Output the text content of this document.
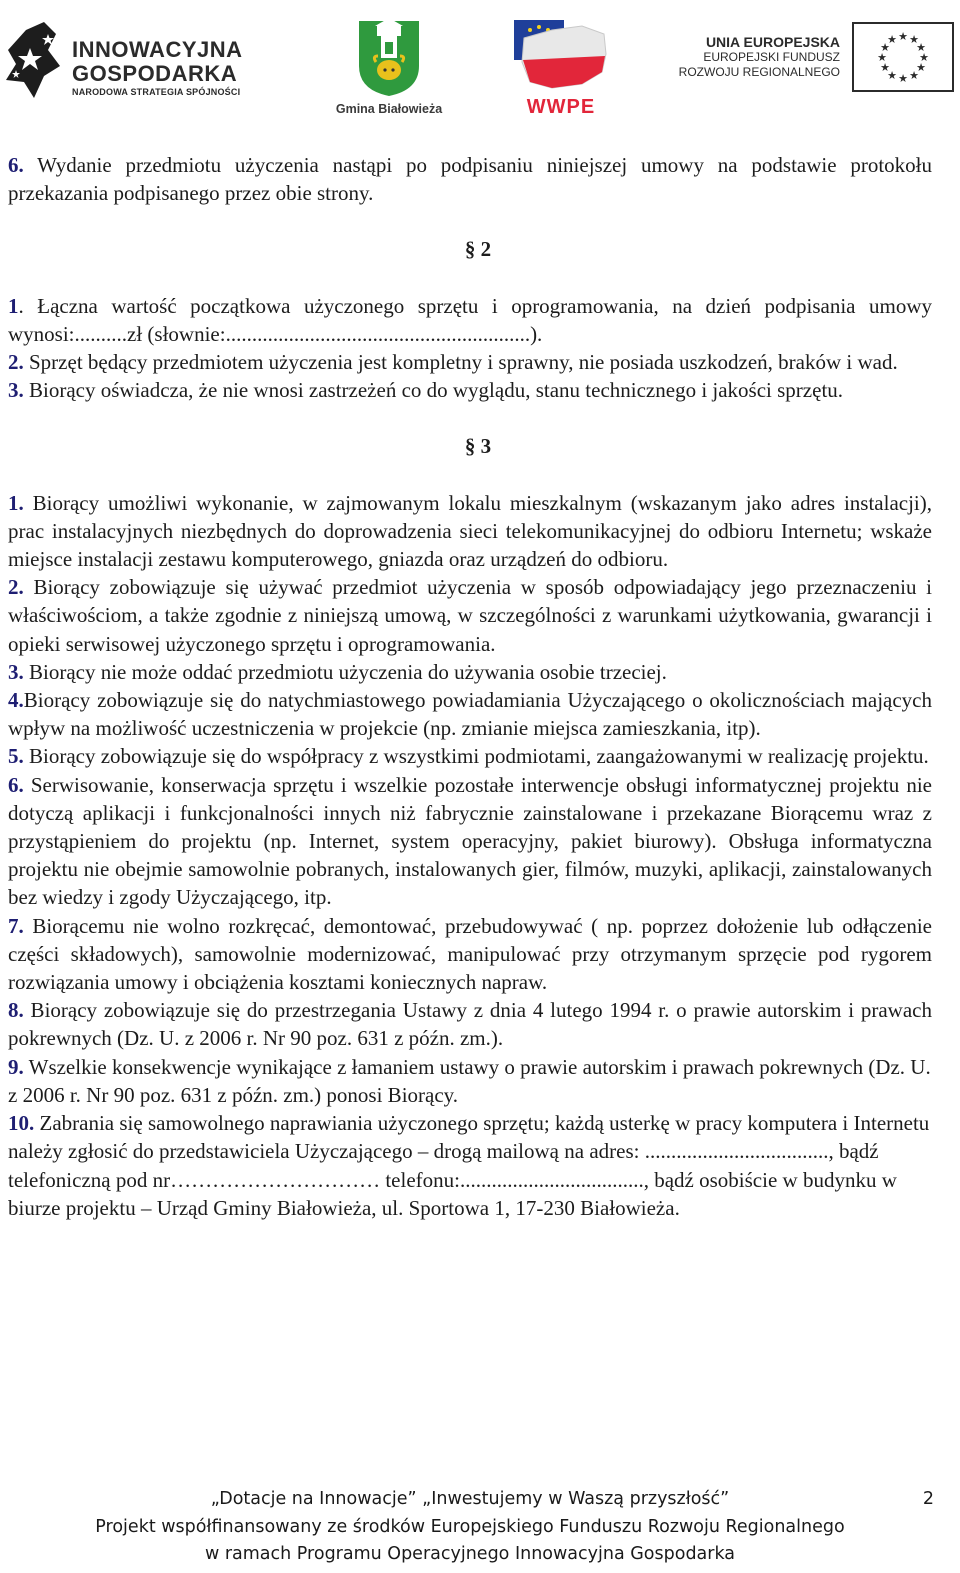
INNOWACYJNA
GOSPODARKA
NARODOWA STRATEGIA SPÓJNOŚCI
Gmina Białowieża	WWPE
UNIA EUROPEJSKA
EUROPEJSKI FUNDUSZ
ROZWOJU REGIONALNEGO
★ ★
★
★
★
★
★
★
★
★
★
★

6. Wydanie przedmiotu użyczenia nastąpi po podpisaniu niniejszej umowy na podstawie protokołu przekazania podpisanego przez obie strony.

§ 2

1. Łączna wartość początkowa użyczonego sprzętu i oprogramowania, na dzień podpisania umowy wynosi:..........zł (słownie:..........................................................).

2. Sprzęt będący przedmiotem użyczenia jest kompletny i sprawny, nie posiada uszkodzeń, braków i wad.

3. Biorący oświadcza, że nie wnosi zastrzeżeń co do wyglądu, stanu technicznego i jakości sprzętu.

§ 3

1. Biorący umożliwi wykonanie, w zajmowanym lokalu mieszkalnym (wskazanym jako adres instalacji), prac instalacyjnych niezbędnych do doprowadzenia sieci telekomunikacyjnej do odbioru Internetu; wskaże miejsce instalacji zestawu komputerowego, gniazda oraz urządzeń do odbioru.

2. Biorący zobowiązuje się używać przedmiot użyczenia w sposób odpowiadający jego przeznaczeniu i właściwościom, a także zgodnie z niniejszą umową, w szczególności z warunkami użytkowania, gwarancji i opieki serwisowej użyczonego sprzętu i oprogramowania.

3. Biorący nie może oddać przedmiotu użyczenia do używania osobie trzeciej.

4.Biorący zobowiązuje się do natychmiastowego powiadamiania Użyczającego o okolicznościach mających wpływ na możliwość uczestniczenia w projekcie (np. zmianie miejsca zamieszkania, itp).

5. Biorący zobowiązuje się do współpracy z wszystkimi podmiotami, zaangażowanymi w realizację projektu.

6. Serwisowanie, konserwacja sprzętu i wszelkie pozostałe interwencje obsługi informatycznej projektu nie dotyczą aplikacji i funkcjonalności innych niż fabrycznie zainstalowane i przekazane Biorącemu wraz z przystąpieniem do projektu (np. Internet, system operacyjny, pakiet biurowy). Obsługa informatyczna projektu nie obejmie samowolnie pobranych, instalowanych gier, filmów, muzyki, aplikacji, zainstalowanych bez wiedzy i zgody Użyczającego, itp.

7. Biorącemu nie wolno rozkręcać, demontować, przebudowywać ( np. poprzez dołożenie lub odłączenie części składowych), samowolnie modernizować, manipulować przy otrzymanym sprzęcie pod rygorem rozwiązania umowy i obciążenia kosztami koniecznych napraw.

8. Biorący zobowiązuje się do przestrzegania Ustawy z dnia 4 lutego 1994 r. o prawie autorskim i prawach pokrewnych (Dz. U. z 2006 r. Nr 90 poz. 631 z późn. zm.).

9. Wszelkie konsekwencje wynikające z łamaniem ustawy o prawie autorskim i prawach pokrewnych (Dz. U. z 2006 r. Nr 90 poz. 631 z późn. zm.) ponosi Biorący.

10. Zabrania się samowolnego naprawiania użyczonego sprzętu; każdą usterkę w pracy komputera i Internetu należy zgłosić do przedstawiciela Użyczającego – drogą mailową na adres: ..................................., bądź telefoniczną pod nr………………………… telefonu:..................................., bądź osobiście w budynku w biurze projektu – Urząd Gminy Białowieża, ul. Sportowa 1, 17-230 Białowieża.

„Dotacje na Innowacje” „Inwestujemy w Waszą przyszłość”
Projekt współfinansowany ze środków Europejskiego Funduszu Rozwoju Regionalnego
w ramach Programu Operacyjnego Innowacyjna Gospodarka
2
